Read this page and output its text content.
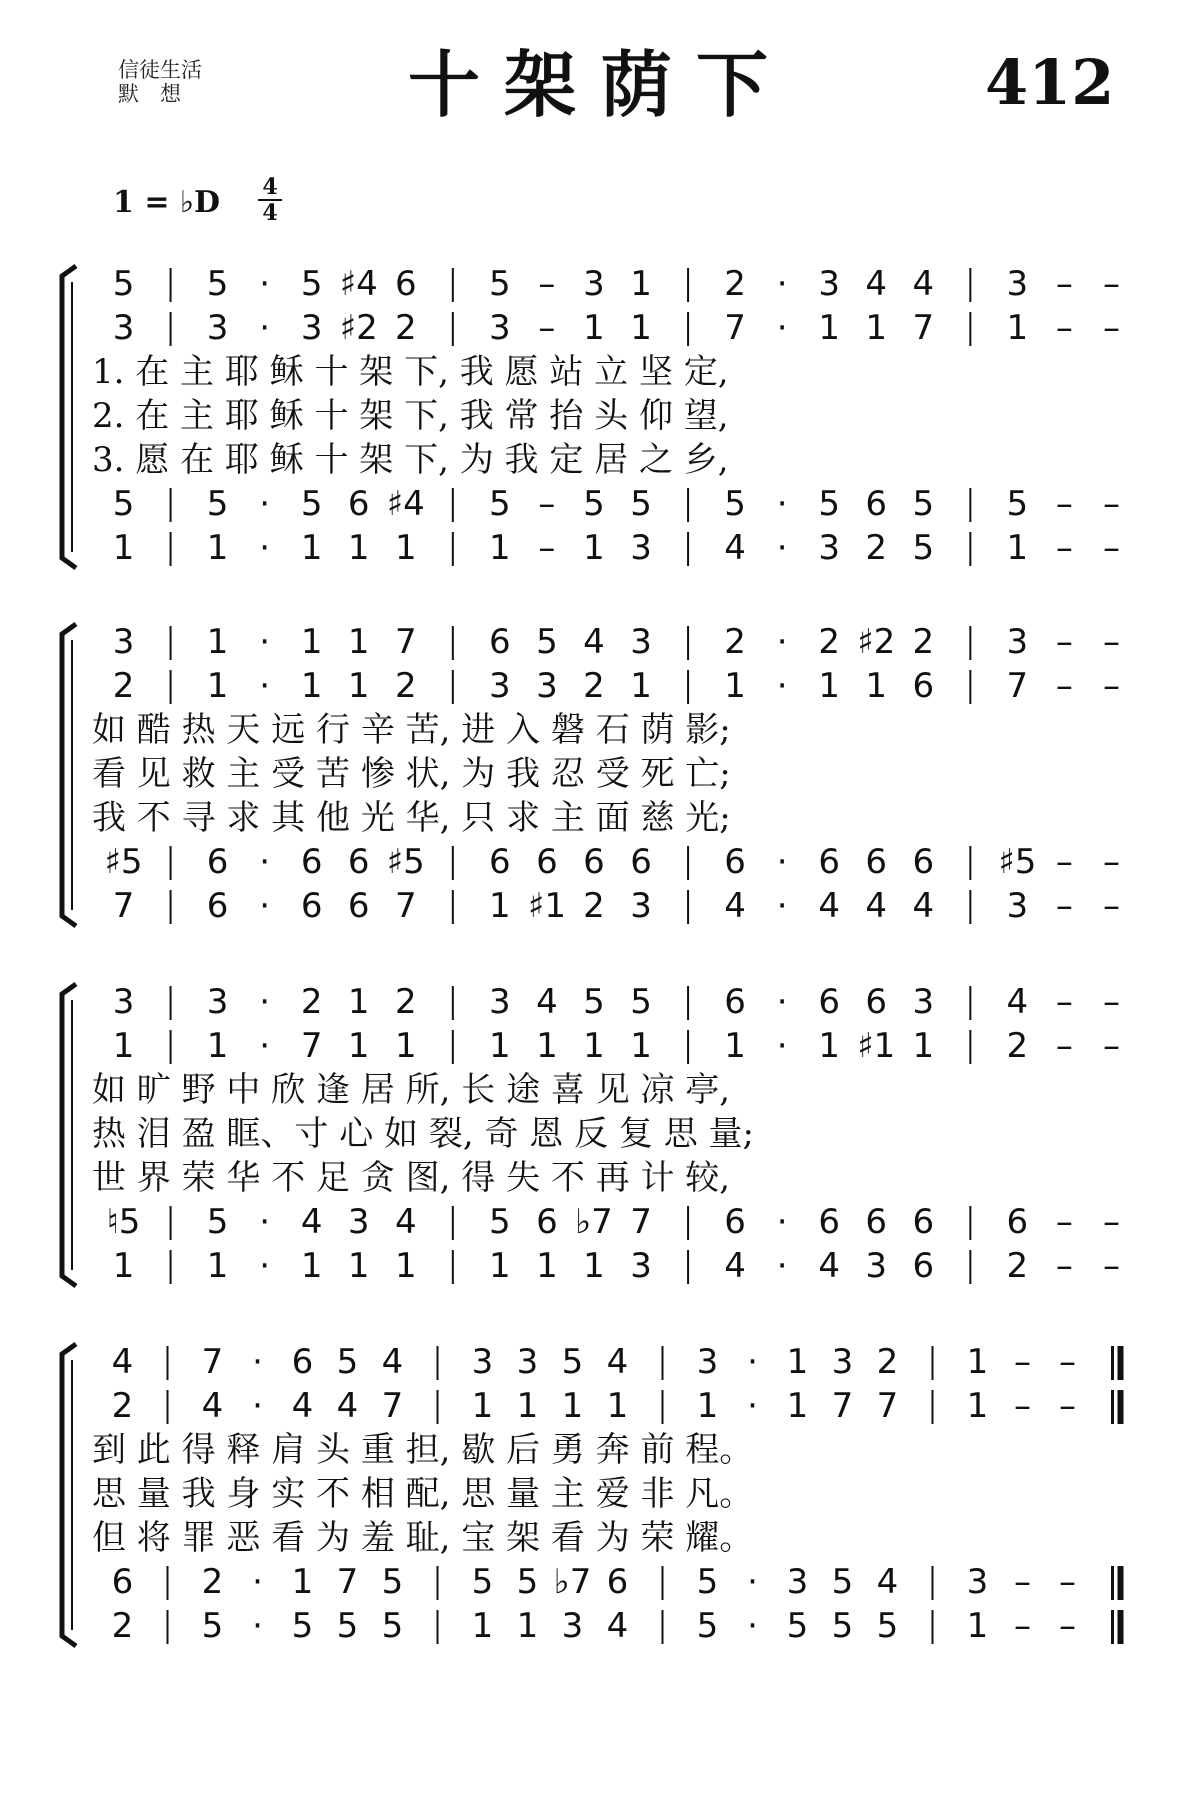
信徒生活
默　想	十架荫下	412
1 = ♭D 4
4
5	5 · 5 ♯4 6	5 – 3 1	2 · 3 4 4	3 – –
3	3 · 3 ♯2 2	3 – 1 1	7 · 1 1 7	1 – –
5	5 · 5 6 ♯4	5 – 5 5	5 · 5 6 5	5 – –
1	1 · 1 1 1	1 – 1 3	4 · 3 2 5	1 – –
1. 在 主 耶 稣 十 架 下, 我 愿 站 立 坚 定,
2. 在 主 耶 稣 十 架 下, 我 常 抬 头 仰 望,
3. 愿 在 耶 稣 十 架 下, 为 我 定 居 之 乡,
3	1 · 1 1 7	6 5 4 3	2 · 2 ♯2 2	3 – –
2	1 · 1 1 2	3 3 2 1	1 · 1 1 6	7 – –
♯5	6 · 6 6 ♯5	6 6 6 6	6 · 6 6 6	♯5 – –
7	6 · 6 6 7	1 ♯1 2 3	4 · 4 4 4	3 – –
如 酷 热 天 远 行 辛 苦, 进 入 磐 石 荫 影;
看 见 救 主 受 苦 惨 状, 为 我 忍 受 死 亡;
我 不 寻 求 其 他 光 华, 只 求 主 面 慈 光;
3	3 · 2 1 2	3 4 5 5	6 · 6 6 3	4 – –
1	1 · 7 1 1	1 1 1 1	1 · 1 ♯1 1	2 – –
♮5	5 · 4 3 4	5 6 ♭7 7	6 · 6 6 6	6 – –
1	1 · 1 1 1	1 1 1 3	4 · 4 3 6	2 – –
如 旷 野 中 欣 逢 居 所, 长 途 喜 见 凉 亭,
热 泪 盈 眶、寸 心 如 裂, 奇 恩 反 复 思 量;
世 界 荣 华 不 足 贪 图, 得 失 不 再 计 较,
4	7 · 6 5 4	3 3 5 4	3 · 1 3 2	1 – –
2	4 · 4 4 7	1 1 1 1	1 · 1 7 7	1 – –
6	2 · 1 7 5	5 5 ♭7 6	5 · 3 5 4	3 – –
2	5 · 5 5 5	1 1 3 4	5 · 5 5 5	1 – –
到 此 得 释 肩 头 重 担, 歇 后 勇 奔 前 程。
思 量 我 身 实 不 相 配, 思 量 主 爱 非 凡。
但 将 罪 恶 看 为 羞 耻, 宝 架 看 为 荣 耀。
